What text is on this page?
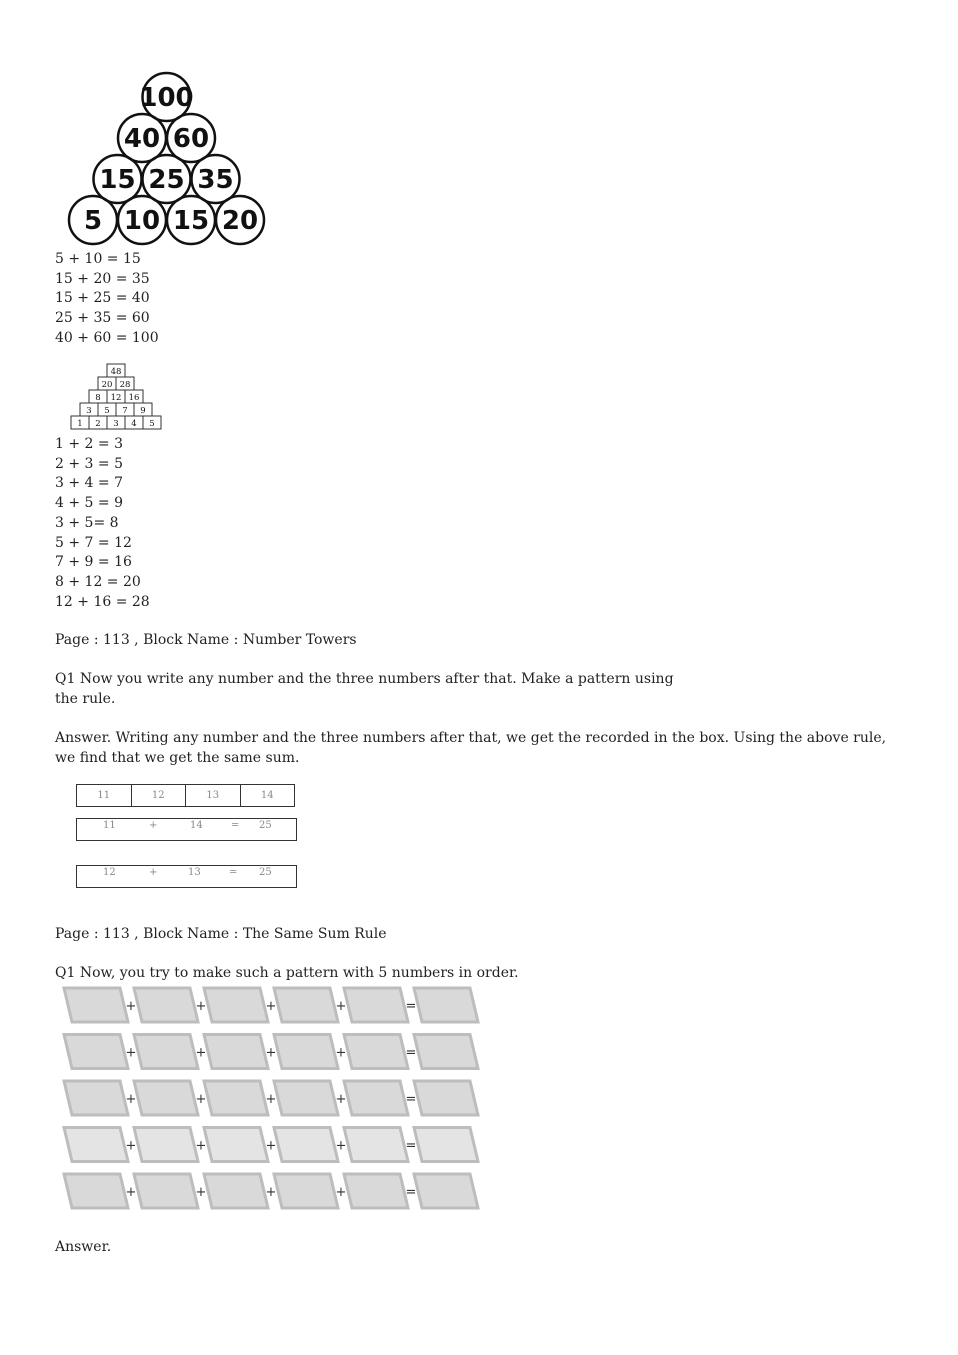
100
40 60
15 25 35
5 10 15 20
5 + 10 = 15
15 + 20 = 35
15 + 25 = 40
25 + 35 = 60
40 + 60 = 100
48
20 28
8 12 16
3 5 7 9
1 2 3 4 5
1 + 2 = 3
2 + 3 = 5
3 + 4 = 7
4 + 5 = 9
3 + 5= 8
5 + 7 = 12
7 + 9 = 16
8 + 12 = 20
12 + 16 = 28
Page : 113 , Block Name : Number Towers
Q1 Now you write any number and the three numbers after that. Make a pattern using
the rule.
Answer. Writing any number and the three numbers after that, we get the recorded in the box. Using the above rule, we find that we get the same sum.
11	12	13	14
11	+	14	= 25
12	+	13	= 25
Page : 113 , Block Name : The Same Sum Rule
Q1 Now, you try to make such a pattern with 5 numbers in order.
+	+	+	+	=
+	+	+	+	=
+	+	+	+	=
+	+	+	+	=
+	+	+	+	=
Answer.
